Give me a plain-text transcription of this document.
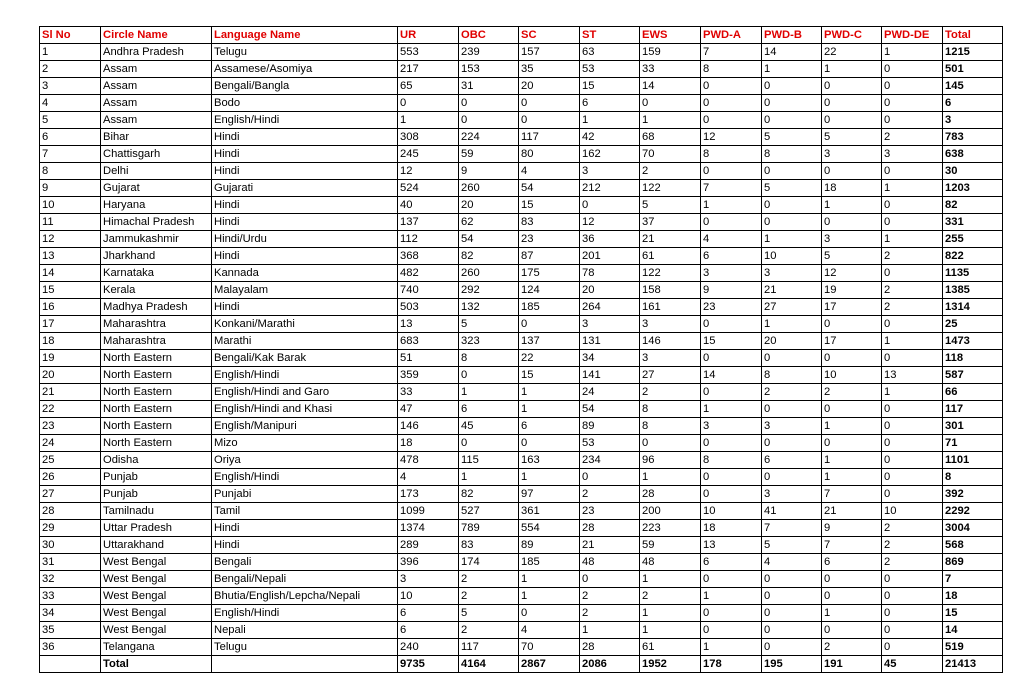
Sl No	Circle Name	Language Name	UR	OBC	SC	ST	EWS	PWD-A	PWD-B	PWD-C	PWD-DE	Total
1	Andhra Pradesh	Telugu	553	239	157	63	159	7	14	22	1	1215
2	Assam	Assamese/Asomiya	217	153	35	53	33	8	1	1	0	501
3	Assam	Bengali/Bangla	65	31	20	15	14	0	0	0	0	145
4	Assam	Bodo	0	0	0	6	0	0	0	0	0	6
5	Assam	English/Hindi	1	0	0	1	1	0	0	0	0	3
6	Bihar	Hindi	308	224	117	42	68	12	5	5	2	783
7	Chattisgarh	Hindi	245	59	80	162	70	8	8	3	3	638
8	Delhi	Hindi	12	9	4	3	2	0	0	0	0	30
9	Gujarat	Gujarati	524	260	54	212	122	7	5	18	1	1203
10	Haryana	Hindi	40	20	15	0	5	1	0	1	0	82
11	Himachal Pradesh	Hindi	137	62	83	12	37	0	0	0	0	331
12	Jammukashmir	Hindi/Urdu	112	54	23	36	21	4	1	3	1	255
13	Jharkhand	Hindi	368	82	87	201	61	6	10	5	2	822
14	Karnataka	Kannada	482	260	175	78	122	3	3	12	0	1135
15	Kerala	Malayalam	740	292	124	20	158	9	21	19	2	1385
16	Madhya Pradesh	Hindi	503	132	185	264	161	23	27	17	2	1314
17	Maharashtra	Konkani/Marathi	13	5	0	3	3	0	1	0	0	25
18	Maharashtra	Marathi	683	323	137	131	146	15	20	17	1	1473
19	North Eastern	Bengali/Kak Barak	51	8	22	34	3	0	0	0	0	118
20	North Eastern	English/Hindi	359	0	15	141	27	14	8	10	13	587
21	North Eastern	English/Hindi and Garo	33	1	1	24	2	0	2	2	1	66
22	North Eastern	English/Hindi and Khasi	47	6	1	54	8	1	0	0	0	117
23	North Eastern	English/Manipuri	146	45	6	89	8	3	3	1	0	301
24	North Eastern	Mizo	18	0	0	53	0	0	0	0	0	71
25	Odisha	Oriya	478	115	163	234	96	8	6	1	0	1101
26	Punjab	English/Hindi	4	1	1	0	1	0	0	1	0	8
27	Punjab	Punjabi	173	82	97	2	28	0	3	7	0	392
28	Tamilnadu	Tamil	1099	527	361	23	200	10	41	21	10	2292
29	Uttar Pradesh	Hindi	1374	789	554	28	223	18	7	9	2	3004
30	Uttarakhand	Hindi	289	83	89	21	59	13	5	7	2	568
31	West Bengal	Bengali	396	174	185	48	48	6	4	6	2	869
32	West Bengal	Bengali/Nepali	3	2	1	0	1	0	0	0	0	7
33	West Bengal	Bhutia/English/Lepcha/Nepali	10	2	1	2	2	1	0	0	0	18
34	West Bengal	English/Hindi	6	5	0	2	1	0	0	1	0	15
35	West Bengal	Nepali	6	2	4	1	1	0	0	0	0	14
36	Telangana	Telugu	240	117	70	28	61	1	0	2	0	519
	Total		9735	4164	2867	2086	1952	178	195	191	45	21413
